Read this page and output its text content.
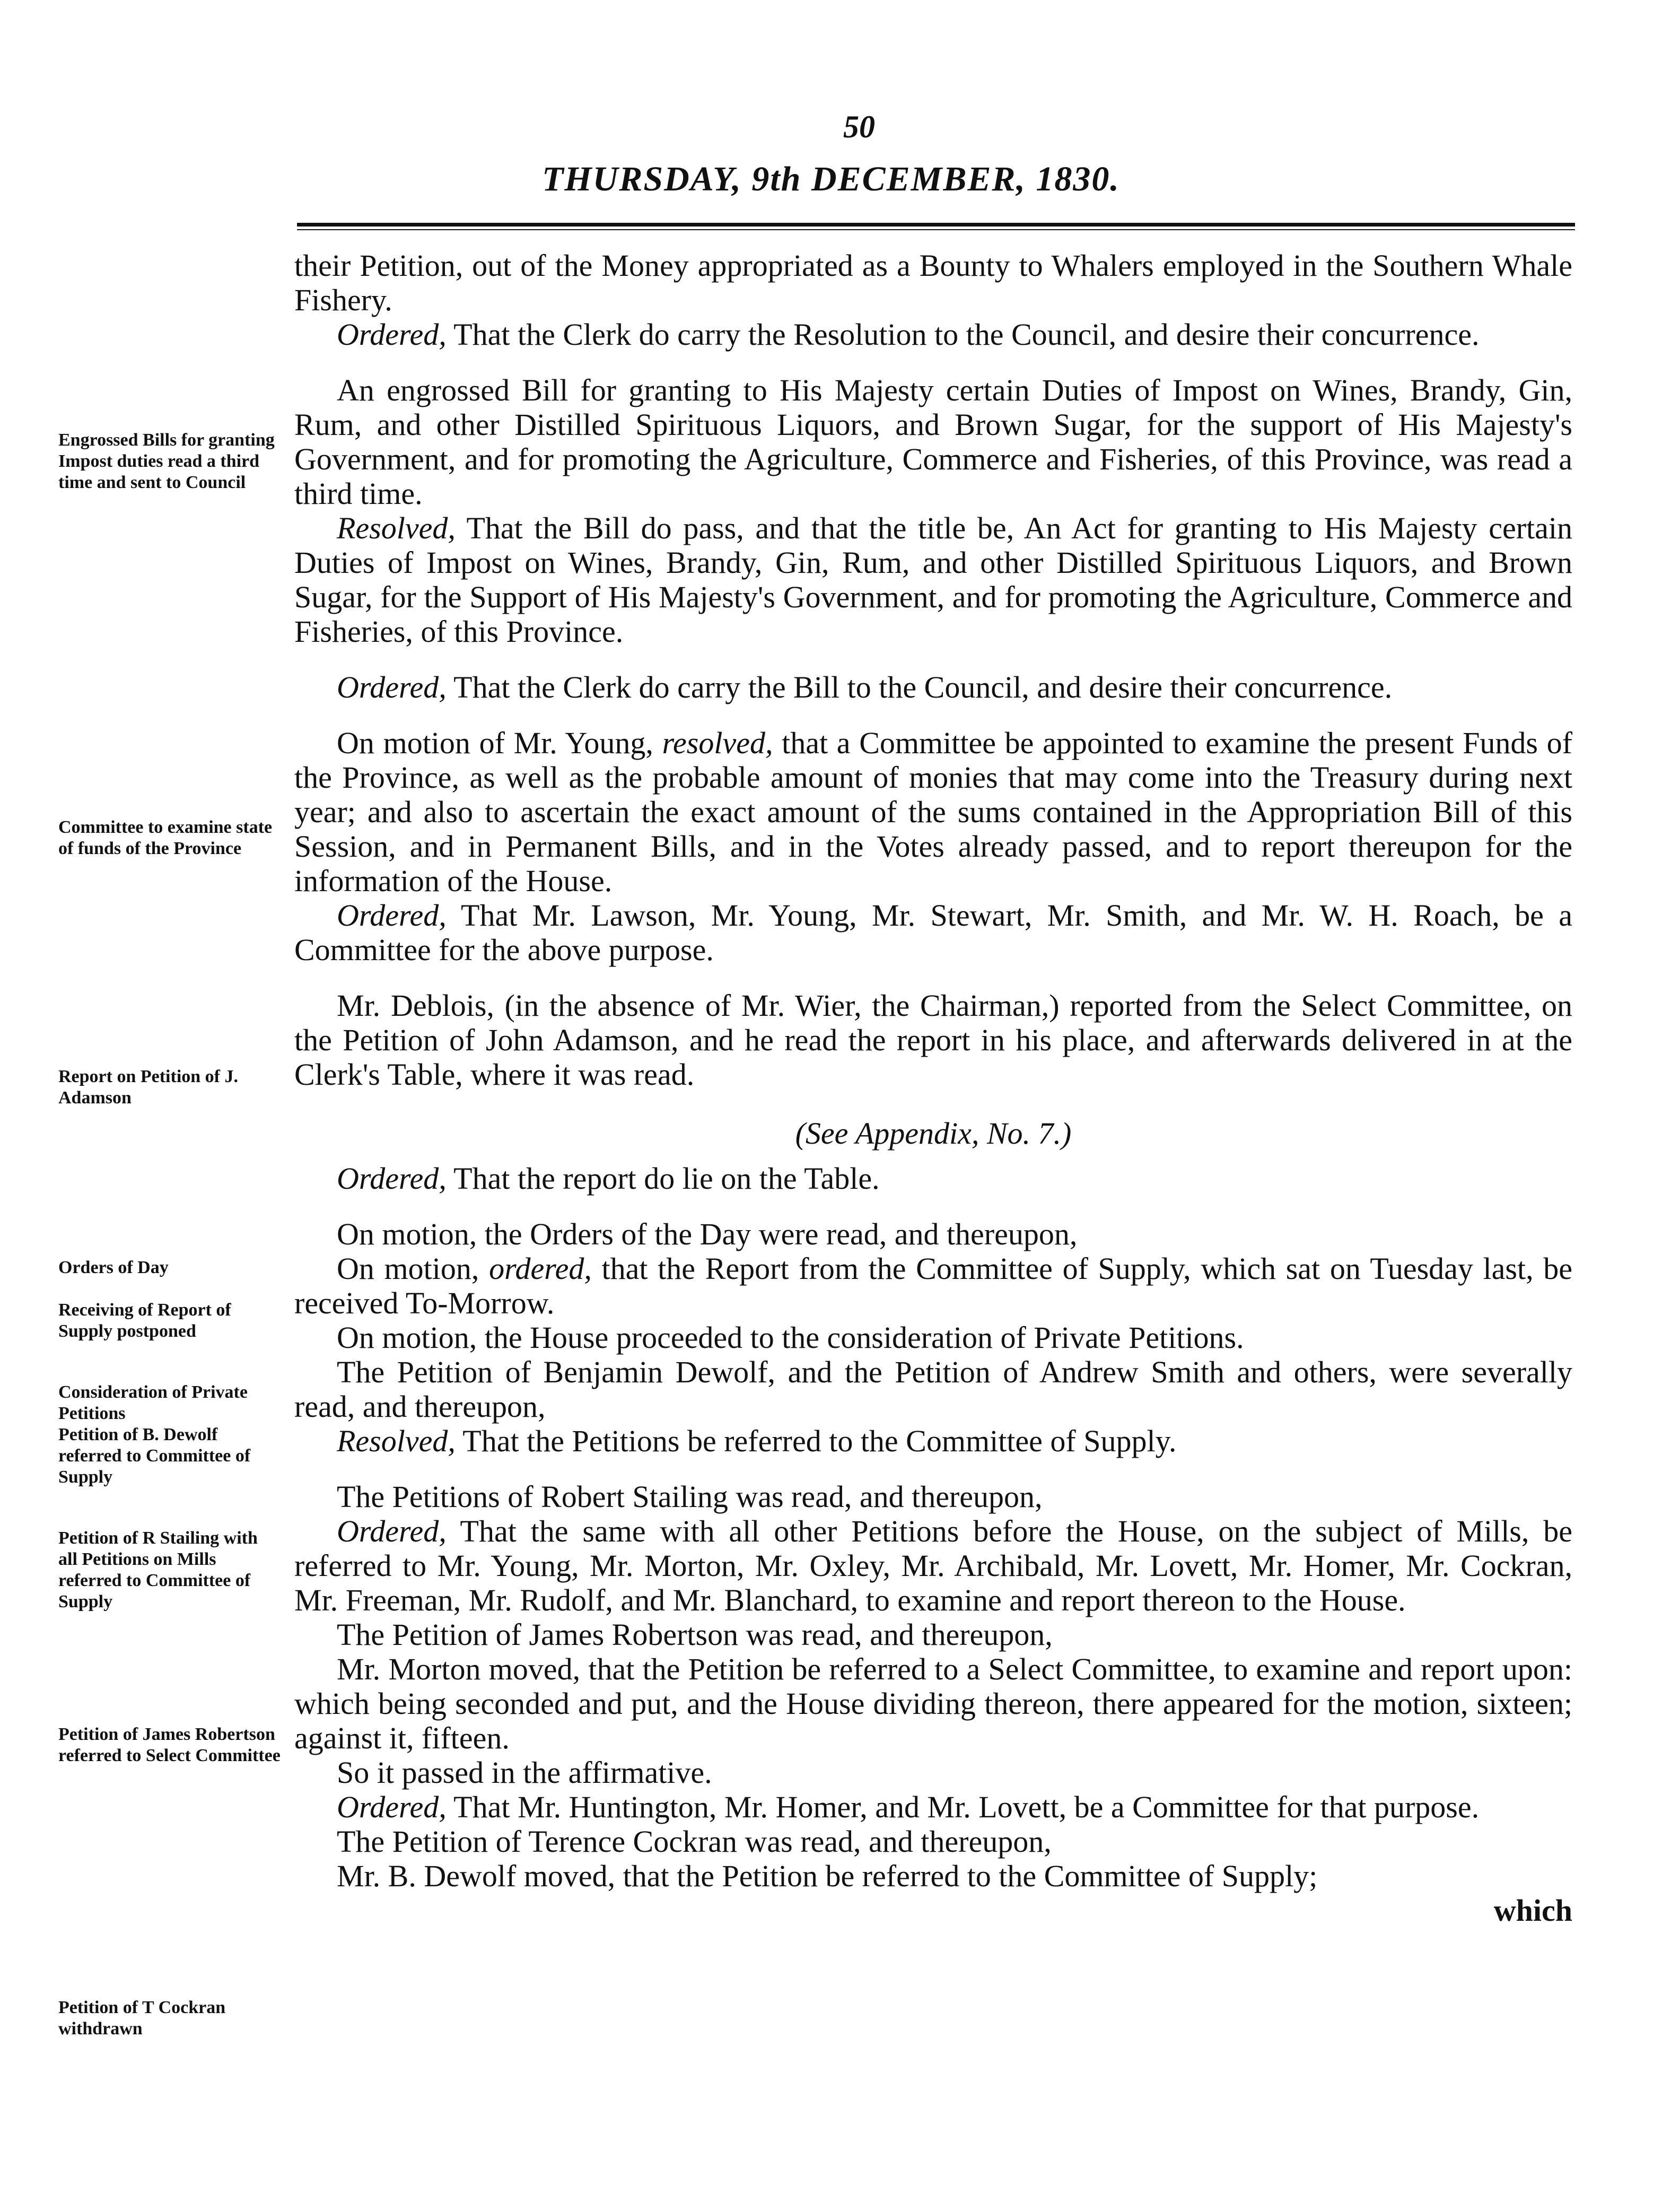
50
THURSDAY, 9th DECEMBER, 1830.
Engrossed Bills for granting Impost duties read a third time and sent to Council
Committee to examine state of funds of the Province
Report on Petition of J. Adamson
Orders of Day
Receiving of Report of Supply postponed
Consideration of Private Petitions
Petition of B. Dewolf referred to Committee of Supply
Petition of R Stailing with all Petitions on Mills referred to Committee of Supply
Petition of James Robertson referred to Select Committee
Petition of T Cockran withdrawn

their Petition, out of the Money appropriated as a Bounty to Whalers employed in the Southern Whale Fishery.

Ordered, That the Clerk do carry the Resolution to the Council, and desire their concurrence.

An engrossed Bill for granting to His Majesty certain Duties of Impost on Wines, Brandy, Gin, Rum, and other Distilled Spirituous Liquors, and Brown Sugar, for the support of His Majesty's Government, and for promoting the Agriculture, Commerce and Fisheries, of this Province, was read a third time.

Resolved, That the Bill do pass, and that the title be, An Act for granting to His Majesty certain Duties of Impost on Wines, Brandy, Gin, Rum, and other Distilled Spirituous Liquors, and Brown Sugar, for the Support of His Majesty's Government, and for promoting the Agriculture, Commerce and Fisheries, of this Province.

Ordered, That the Clerk do carry the Bill to the Council, and desire their concurrence.

On motion of Mr. Young, resolved, that a Committee be appointed to examine the present Funds of the Province, as well as the probable amount of monies that may come into the Treasury during next year; and also to ascertain the exact amount of the sums contained in the Appropriation Bill of this Session, and in Permanent Bills, and in the Votes already passed, and to report thereupon for the information of the House.

Ordered, That Mr. Lawson, Mr. Young, Mr. Stewart, Mr. Smith, and Mr. W. H. Roach, be a Committee for the above purpose.

Mr. Deblois, (in the absence of Mr. Wier, the Chairman,) reported from the Select Committee, on the Petition of John Adamson, and he read the report in his place, and afterwards delivered in at the Clerk's Table, where it was read.

(See Appendix, No. 7.)

Ordered, That the report do lie on the Table.

On motion, the Orders of the Day were read, and thereupon,

On motion, ordered, that the Report from the Committee of Supply, which sat on Tuesday last, be received To-Morrow.

On motion, the House proceeded to the consideration of Private Petitions.

The Petition of Benjamin Dewolf, and the Petition of Andrew Smith and others, were severally read, and thereupon,

Resolved, That the Petitions be referred to the Committee of Supply.

The Petitions of Robert Stailing was read, and thereupon,

Ordered, That the same with all other Petitions before the House, on the subject of Mills, be referred to Mr. Young, Mr. Morton, Mr. Oxley, Mr. Archibald, Mr. Lovett, Mr. Homer, Mr. Cockran, Mr. Freeman, Mr. Rudolf, and Mr. Blanchard, to examine and report thereon to the House.

The Petition of James Robertson was read, and thereupon,

Mr. Morton moved, that the Petition be referred to a Select Committee, to examine and report upon: which being seconded and put, and the House dividing thereon, there appeared for the motion, sixteen; against it, fifteen.

So it passed in the affirmative.

Ordered, That Mr. Huntington, Mr. Homer, and Mr. Lovett, be a Committee for that purpose.

The Petition of Terence Cockran was read, and thereupon,

Mr. B. Dewolf moved, that the Petition be referred to the Committee of Supply;
which
